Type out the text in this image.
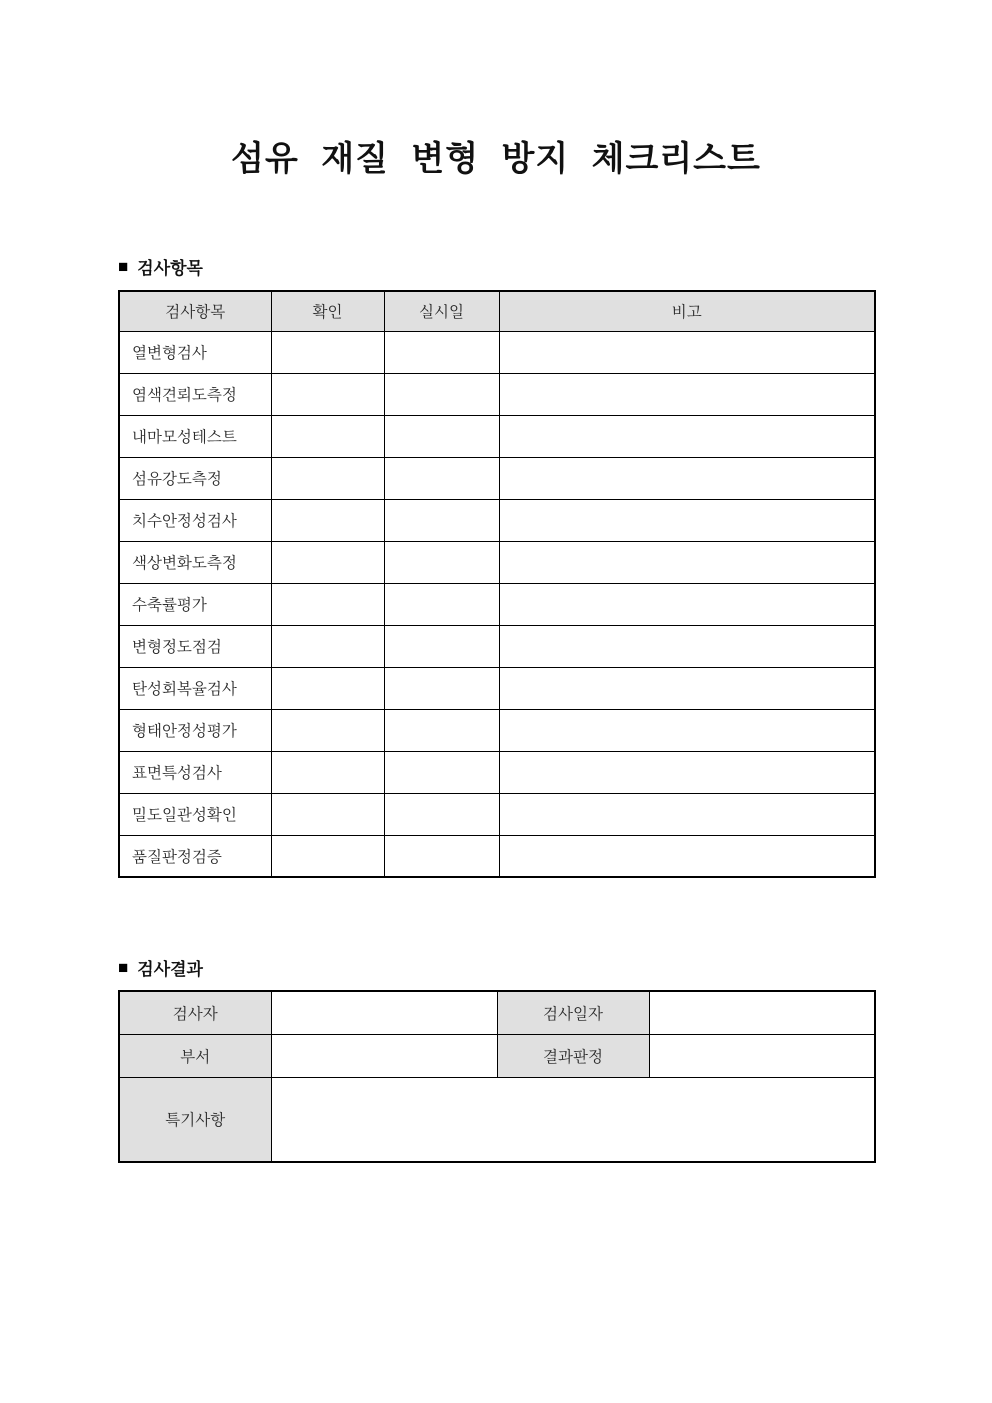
섬유 재질 변형 방지 체크리스트
■ 검사항목
검사항목	확인	실시일	비고
열변형검사			
염색견뢰도측정			
내마모성테스트			
섬유강도측정			
치수안정성검사			
색상변화도측정			
수축률평가			
변형정도점검			
탄성회복율검사			
형태안정성평가			
표면특성검사			
밀도일관성확인			
품질판정검증			
■ 검사결과
검사자		검사일자	
부서		결과판정	
특기사항			
